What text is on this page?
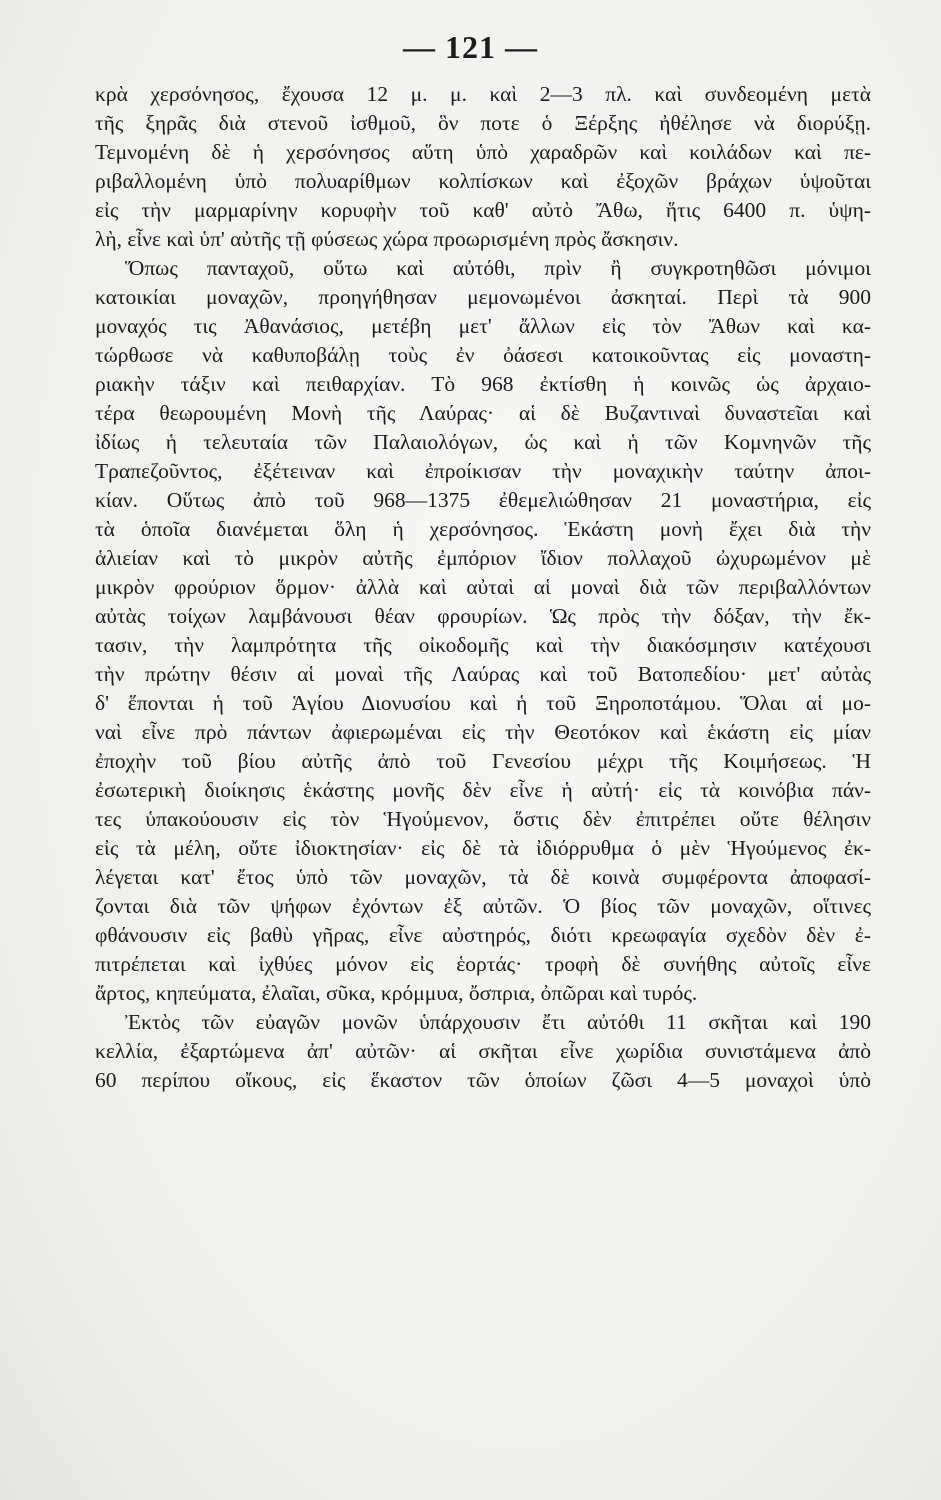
— 121 —
κρὰ χερσόνησος, ἔχουσα 12 μ. μ. καὶ 2—3 πλ. καὶ συνδεομένη μετὰ
τῆς ξηρᾶς διὰ στενοῦ ἰσθμοῦ, ὃν ποτε ὁ Ξέρξης ἠθέλησε νὰ διορύξῃ.
Τεμνομένη δὲ ἡ χερσόνησος αὕτη ὑπὸ χαραδρῶν καὶ κοιλάδων καὶ πε-
ριβαλλομένη ὑπὸ πολυαρίθμων κολπίσκων καὶ ἐξοχῶν βράχων ὑψοῦται
εἰς τὴν μαρμαρίνην κορυφὴν τοῦ καθ' αὐτὸ Ἄθω, ἥτις 6400 π. ὑψη-
λὴ, εἶνε καὶ ὑπ' αὐτῆς τῇ φύσεως χώρα προωρισμένη πρὸς ἄσκησιν.
Ὅπως πανταχοῦ, οὕτω καὶ αὐτόθι, πρὶν ἢ συγκροτηθῶσι μόνιμοι
κατοικίαι μοναχῶν, προηγήθησαν μεμονωμένοι ἀσκηταί. Περὶ τὰ 900
μοναχός τις Ἀθανάσιος, μετέβη μετ' ἄλλων εἰς τὸν Ἄθων καὶ κα-
τώρθωσε νὰ καθυποβάλῃ τοὺς ἐν ὀάσεσι κατοικοῦντας εἰς μοναστη-
ριακὴν τάξιν καὶ πειθαρχίαν. Τὸ 968 ἐκτίσθη ἡ κοινῶς ὡς ἀρχαιο-
τέρα θεωρουμένη Μονὴ τῆς Λαύρας· αἱ δὲ Βυζαντιναὶ δυναστεῖαι καὶ
ἰδίως ἡ τελευταία τῶν Παλαιολόγων, ὡς καὶ ἡ τῶν Κομνηνῶν τῆς
Τραπεζοῦντος, ἐξέτειναν καὶ ἐπροίκισαν τὴν μοναχικὴν ταύτην ἀποι-
κίαν. Οὕτως ἀπὸ τοῦ 968—1375 ἐθεμελιώθησαν 21 μοναστήρια, εἰς
τὰ ὁποῖα διανέμεται ὅλη ἡ χερσόνησος. Ἑκάστη μονὴ ἔχει διὰ τὴν
ἁλιείαν καὶ τὸ μικρὸν αὐτῆς ἐμπόριον ἴδιον πολλαχοῦ ὠχυρωμένον μὲ
μικρὸν φρούριον ὅρμον· ἀλλὰ καὶ αὐταὶ αἱ μοναὶ διὰ τῶν περιβαλλόντων
αὐτὰς τοίχων λαμβάνουσι θέαν φρουρίων. Ὡς πρὸς τὴν δόξαν, τὴν ἔκ-
τασιν, τὴν λαμπρότητα τῆς οἰκοδομῆς καὶ τὴν διακόσμησιν κατέχουσι
τὴν πρώτην θέσιν αἱ μοναὶ τῆς Λαύρας καὶ τοῦ Βατοπεδίου· μετ' αὐτὰς
δ' ἕπονται ἡ τοῦ Ἁγίου Διονυσίου καὶ ἡ τοῦ Ξηροποτάμου. Ὅλαι αἱ μο-
ναὶ εἶνε πρὸ πάντων ἀφιερωμέναι εἰς τὴν Θεοτόκον καὶ ἑκάστη εἰς μίαν
ἐποχὴν τοῦ βίου αὐτῆς ἀπὸ τοῦ Γενεσίου μέχρι τῆς Κοιμήσεως. Ἡ
ἐσωτερικὴ διοίκησις ἑκάστης μονῆς δὲν εἶνε ἡ αὐτή· εἰς τὰ κοινόβια πάν-
τες ὑπακούουσιν εἰς τὸν Ἡγούμενον, ὅστις δὲν ἐπιτρέπει οὔτε θέλησιν
εἰς τὰ μέλη, οὔτε ἰδιοκτησίαν· εἰς δὲ τὰ ἰδιόρρυθμα ὁ μὲν Ἡγούμενος ἐκ-
λέγεται κατ' ἔτος ὑπὸ τῶν μοναχῶν, τὰ δὲ κοινὰ συμφέροντα ἀποφασί-
ζονται διὰ τῶν ψήφων ἐχόντων ἐξ αὐτῶν. Ὁ βίος τῶν μοναχῶν, οἵτινες
φθάνουσιν εἰς βαθὺ γῆρας, εἶνε αὐστηρός, διότι κρεωφαγία σχεδὸν δὲν ἐ-
πιτρέπεται καὶ ἰχθύες μόνον εἰς ἑορτάς· τροφὴ δὲ συνήθης αὐτοῖς εἶνε
ἄρτος, κηπεύματα, ἐλαῖαι, σῦκα, κρόμμυα, ὄσπρια, ὀπῶραι καὶ τυρός.
Ἐκτὸς τῶν εὐαγῶν μονῶν ὑπάρχουσιν ἔτι αὐτόθι 11 σκῆται καὶ 190
κελλία, ἐξαρτώμενα ἀπ' αὐτῶν· αἱ σκῆται εἶνε χωρίδια συνιστάμενα ἀπὸ
60 περίπου οἴκους, εἰς ἕκαστον τῶν ὁποίων ζῶσι 4—5 μοναχοὶ ὑπὸ
